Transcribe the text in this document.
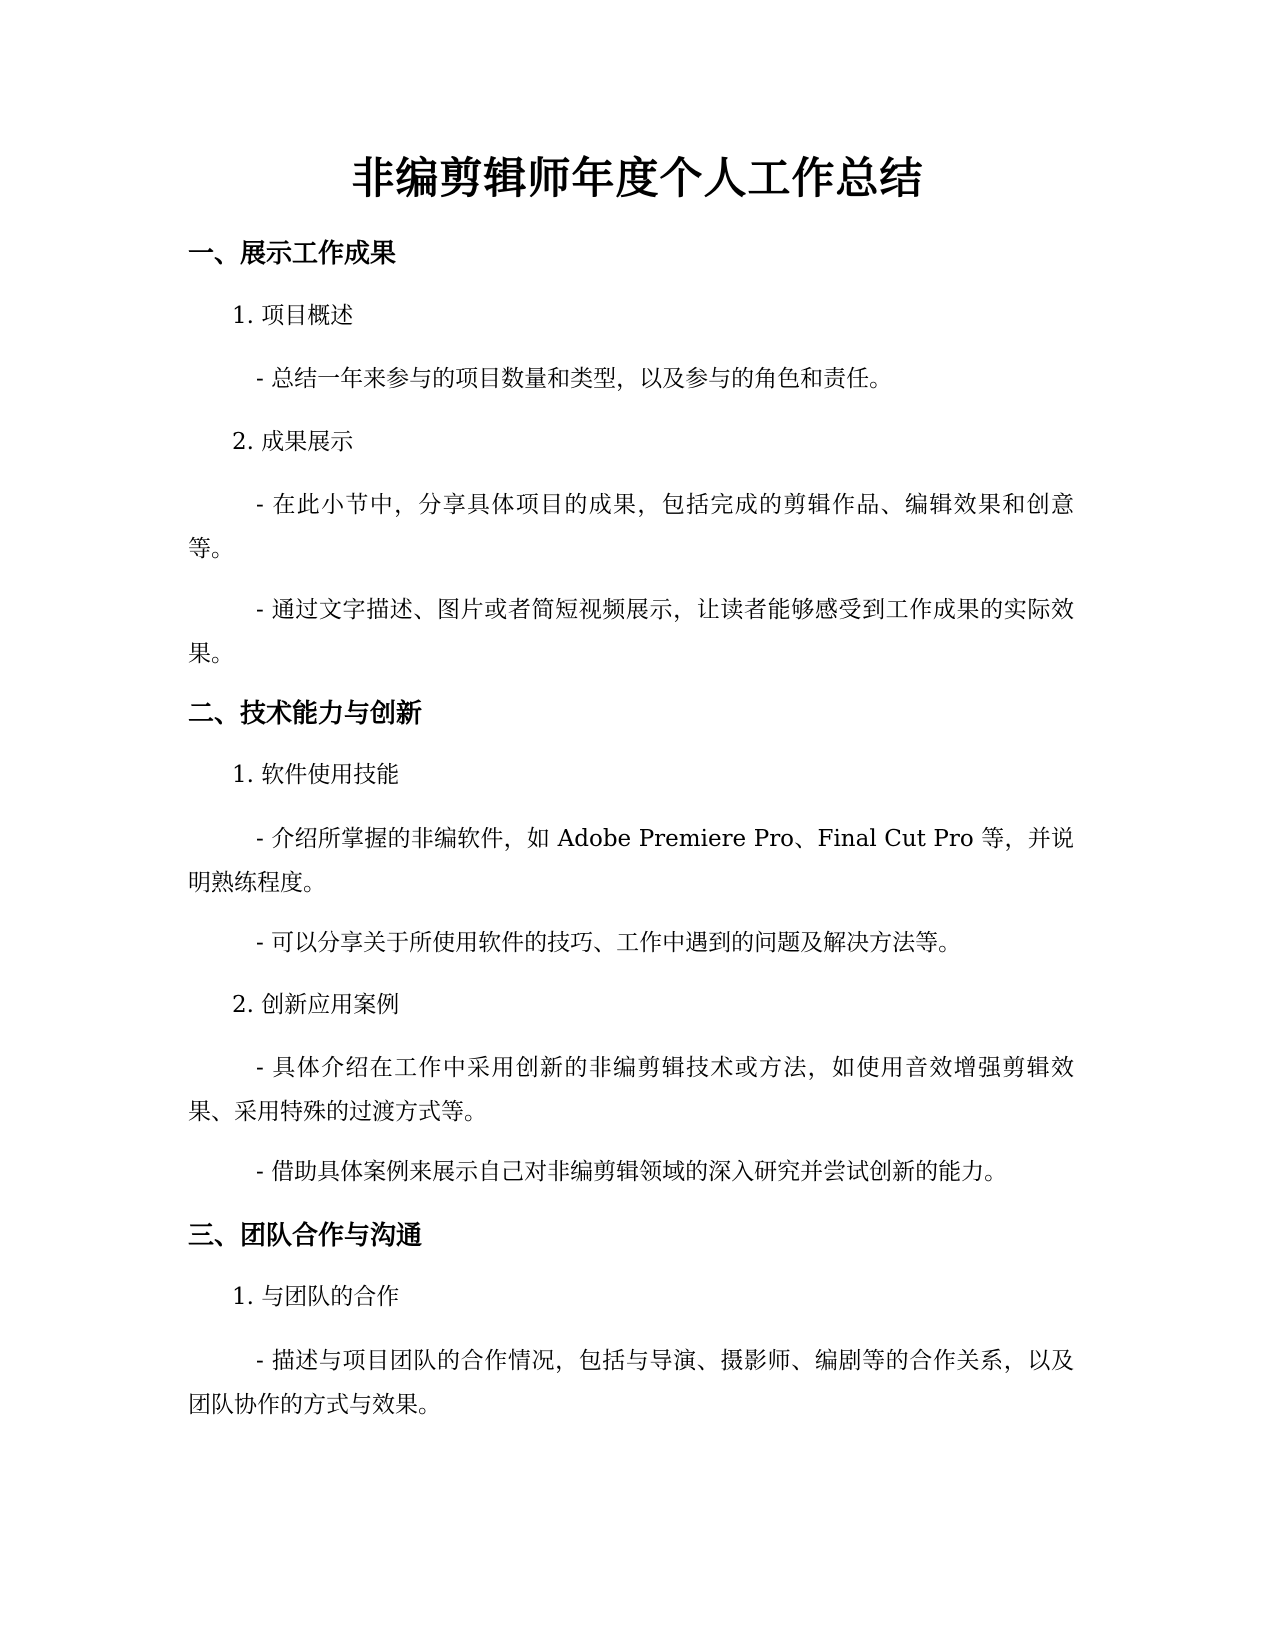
非编剪辑师年度个人工作总结
一、展示工作成果
1. 项目概述
- 总结一年来参与的项目数量和类型，以及参与的角色和责任。
2. 成果展示
- 在此小节中，分享具体项目的成果，包括完成的剪辑作品、编辑效果和创意等。
- 通过文字描述、图片或者简短视频展示，让读者能够感受到工作成果的实际效果。
二、技术能力与创新
1. 软件使用技能
- 介绍所掌握的非编软件，如 Adobe Premiere Pro、Final Cut Pro 等，并说明熟练程度。
- 可以分享关于所使用软件的技巧、工作中遇到的问题及解决方法等。
2. 创新应用案例
- 具体介绍在工作中采用创新的非编剪辑技术或方法，如使用音效增强剪辑效果、采用特殊的过渡方式等。
- 借助具体案例来展示自己对非编剪辑领域的深入研究并尝试创新的能力。
三、团队合作与沟通
1. 与团队的合作
- 描述与项目团队的合作情况，包括与导演、摄影师、编剧等的合作关系，以及团队协作的方式与效果。
